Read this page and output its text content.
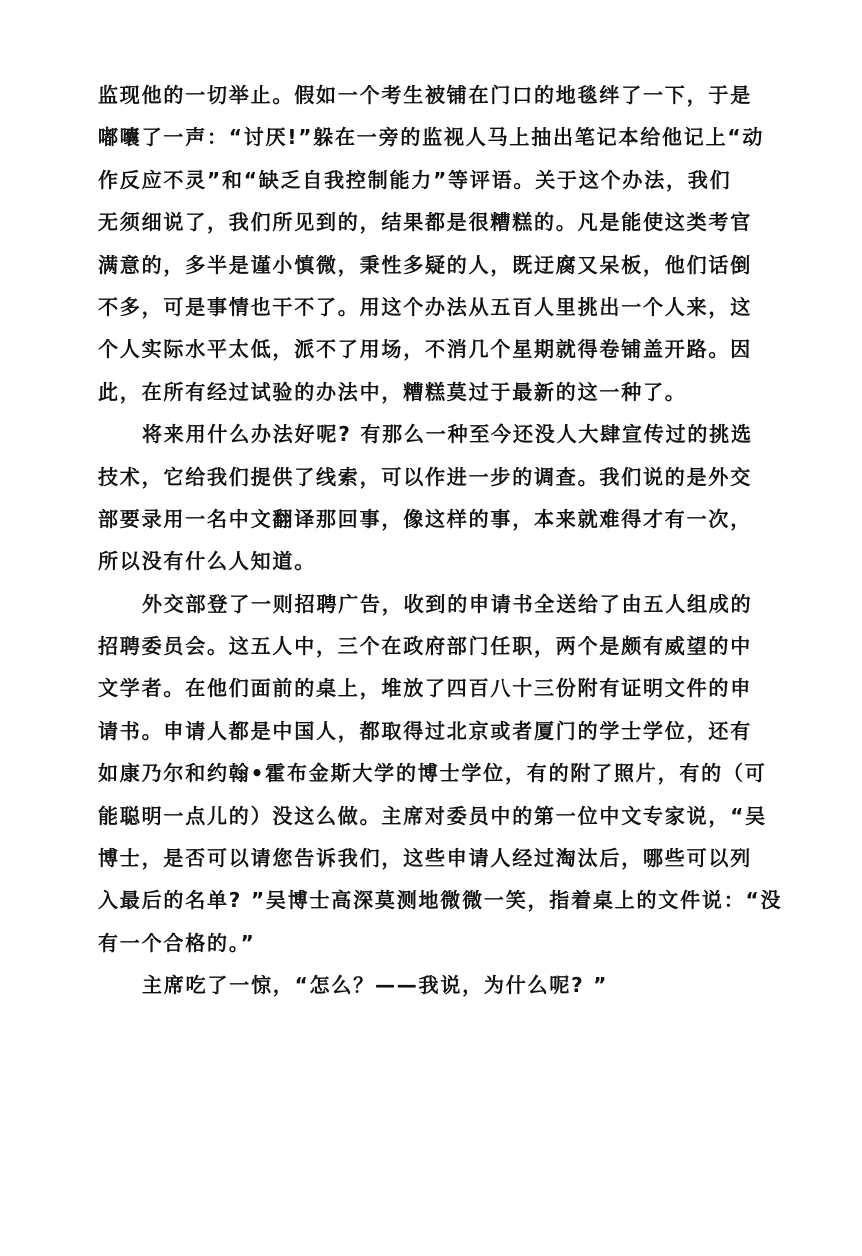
监现他的一切举止。假如一个考生被铺在门口的地毯绊了一下，于是
嘟囔了一声：“讨厌!”躲在一旁的监视人马上抽出笔记本给他记上“动
作反应不灵”和“缺乏自我控制能力”等评语。关于这个办法，我们
无须细说了，我们所见到的，结果都是很糟糕的。凡是能使这类考官
满意的，多半是谨小慎微，秉性多疑的人，既迂腐又呆板，他们话倒
不多，可是事情也干不了。用这个办法从五百人里挑出一个人来，这
个人实际水平太低，派不了用场，不消几个星期就得卷铺盖开路。因
此，在所有经过试验的办法中，糟糕莫过于最新的这一种了。
将来用什么办法好呢? 有那么一种至今还没人大肆宣传过的挑选
技术，它给我们提供了线索，可以作进一步的调查。我们说的是外交
部要录用一名中文翻译那回事，像这样的事，本来就难得才有一次，
所以没有什么人知道。
外交部登了一则招聘广告，收到的申请书全送给了由五人组成的
招聘委员会。这五人中，三个在政府部门任职，两个是颇有威望的中
文学者。在他们面前的桌上，堆放了四百八十三份附有证明文件的申
请书。申请人都是中国人，都取得过北京或者厦门的学士学位，还有
如康乃尔和约翰•霍布金斯大学的博士学位，有的附了照片，有的（可
能聪明一点儿的）没这么做。主席对委员中的第一位中文专家说，“吴
博士，是否可以请您告诉我们，这些申请人经过淘汰后，哪些可以列
入最后的名单? ”吴博士高深莫测地微微一笑，指着桌上的文件说：“没
有一个合格的。”
主席吃了一惊，“怎么？——我说，为什么呢? ”
